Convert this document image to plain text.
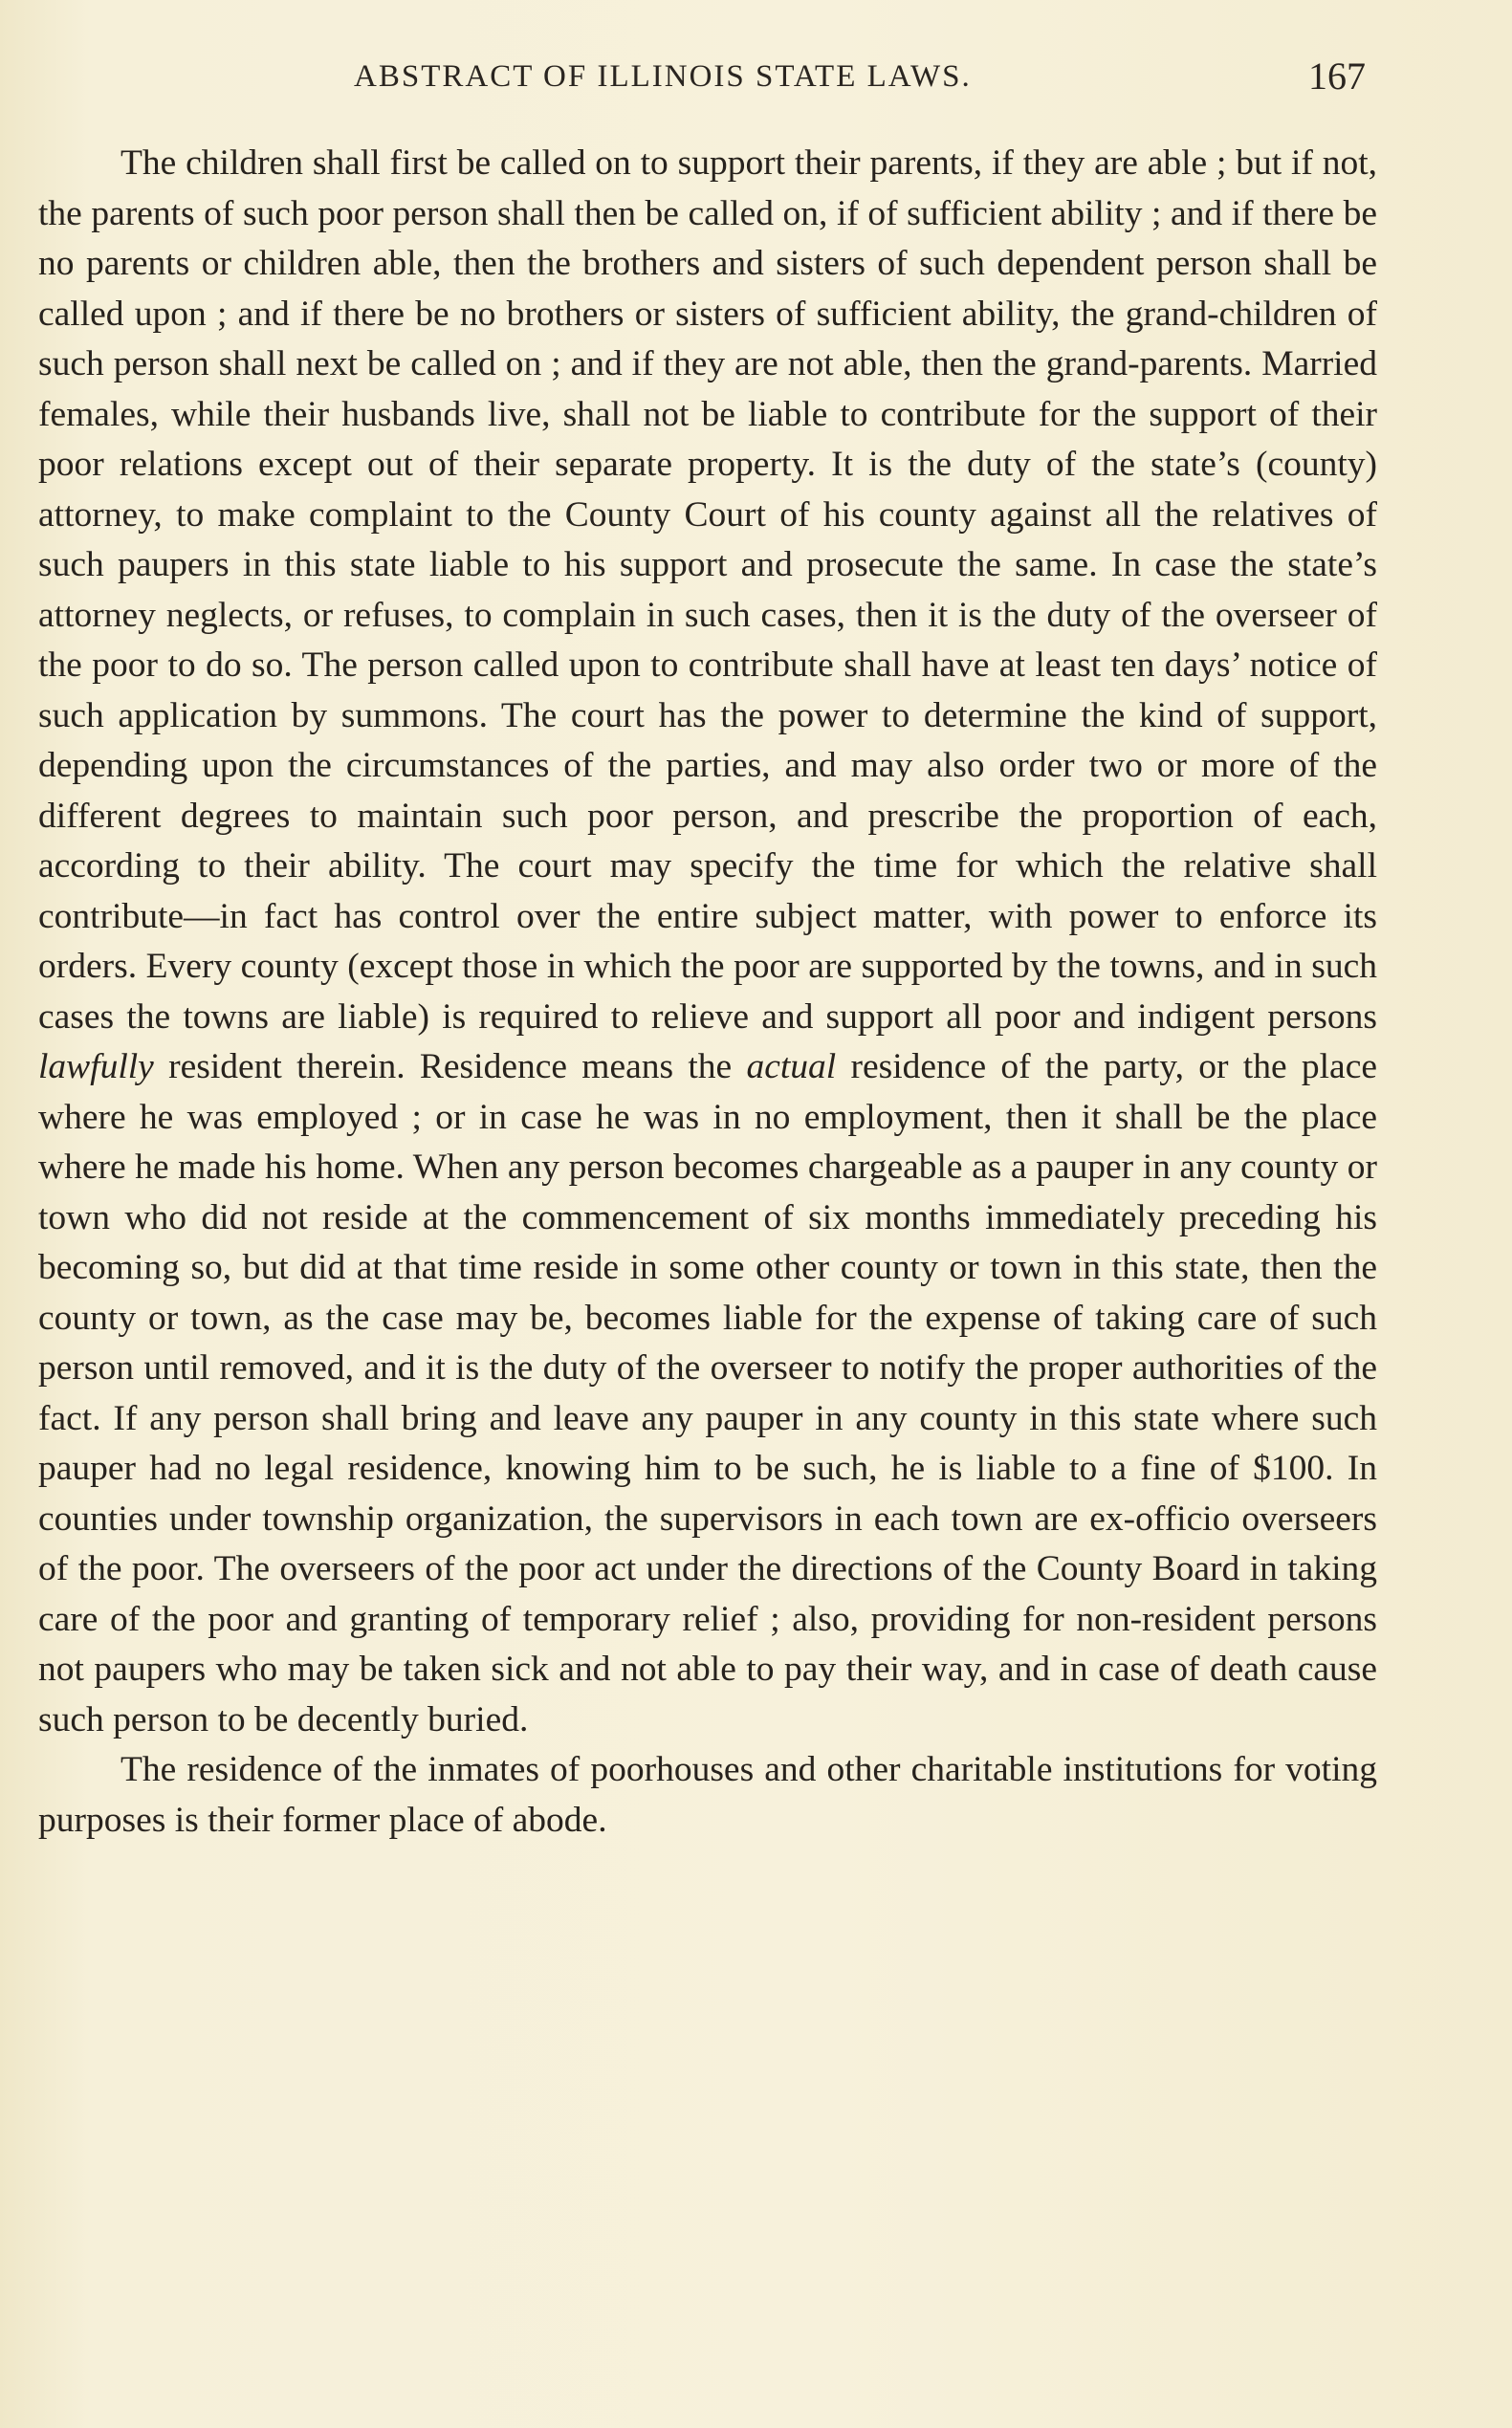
ABSTRACT OF ILLINOIS STATE LAWS.	167

The children shall first be called on to support their parents, if they are able ; but if not, the parents of such poor person shall then be called on, if of sufficient ability ; and if there be no parents or children able, then the brothers and sisters of such dependent person shall be called upon ; and if there be no brothers or sisters of sufficient ability, the grand-children of such person shall next be called on ; and if they are not able, then the grand-parents. Married females, while their husbands live, shall not be liable to contribute for the support of their poor relations except out of their separate property. It is the duty of the state’s (county) attorney, to make complaint to the County Court of his county against all the relatives of such paupers in this state liable to his support and prosecute the same. In case the state’s attorney neglects, or refuses, to complain in such cases, then it is the duty of the overseer of the poor to do so. The person called upon to contribute shall have at least ten days’ notice of such application by summons. The court has the power to determine the kind of support, depending upon the circumstances of the parties, and may also order two or more of the different degrees to maintain such poor person, and prescribe the proportion of each, according to their ability. The court may specify the time for which the relative shall contribute—in fact has control over the entire subject matter, with power to enforce its orders. Every county (except those in which the poor are supported by the towns, and in such cases the towns are liable) is required to relieve and support all poor and indigent persons lawfully resident therein. Residence means the actual residence of the party, or the place where he was employed ; or in case he was in no employment, then it shall be the place where he made his home. When any person becomes chargeable as a pauper in any county or town who did not reside at the commencement of six months immediately preceding his becoming so, but did at that time reside in some other county or town in this state, then the county or town, as the case may be, becomes liable for the expense of taking care of such person until removed, and it is the duty of the overseer to notify the proper authorities of the fact. If any person shall bring and leave any pauper in any county in this state where such pauper had no legal residence, knowing him to be such, he is liable to a fine of $100. In counties under township organization, the supervisors in each town are ex-officio overseers of the poor. The overseers of the poor act under the directions of the County Board in taking care of the poor and granting of temporary relief ; also, providing for non-resident persons not paupers who may be taken sick and not able to pay their way, and in case of death cause such person to be decently buried.

The residence of the inmates of poorhouses and other charitable institutions for voting purposes is their former place of abode.
